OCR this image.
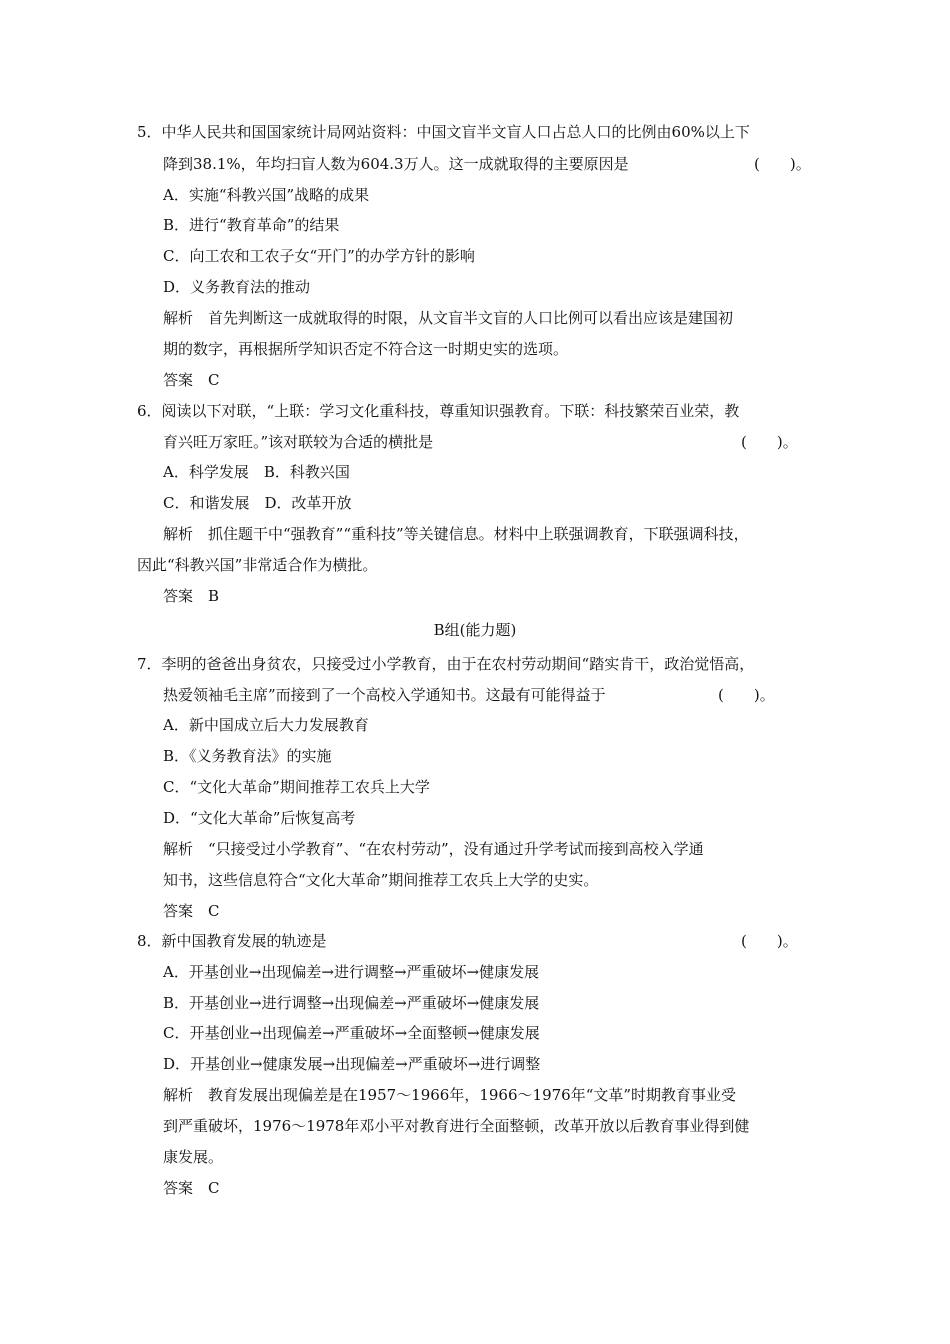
5．中华人民共和国国家统计局网站资料：中国文盲半文盲人口占总人口的比例由60%以上下
降到38.1%，年均扫盲人数为604.3万人。这一成就取得的主要原因是	(　　)。
A．实施“科教兴国”战略的成果
B．进行“教育革命”的结果
C．向工农和工农子女“开门”的办学方针的影响
D．义务教育法的推动
解析　首先判断这一成就取得的时限，从文盲半文盲的人口比例可以看出应该是建国初
期的数字，再根据所学知识否定不符合这一时期史实的选项。
答案　C
6．阅读以下对联，“上联：学习文化重科技，尊重知识强教育。下联：科技繁荣百业荣，教
育兴旺万家旺。”该对联较为合适的横批是	(　　)。
A．科学发展　B．科教兴国
C．和谐发展　D．改革开放
解析　抓住题干中“强教育”“重科技”等关键信息。材料中上联强调教育，下联强调科技，
因此“科教兴国”非常适合作为横批。
答案　B
B组(能力题)
7．李明的爸爸出身贫农，只接受过小学教育，由于在农村劳动期间“踏实肯干，政治觉悟高，
热爱领袖毛主席”而接到了一个高校入学通知书。这最有可能得益于	(　　)。
A．新中国成立后大力发展教育
B．《义务教育法》的实施
C．“文化大革命”期间推荐工农兵上大学
D．“文化大革命”后恢复高考
解析　“只接受过小学教育”、“在农村劳动”，没有通过升学考试而接到高校入学通
知书，这些信息符合“文化大革命”期间推荐工农兵上大学的史实。
答案　C
8．新中国教育发展的轨迹是	(　　)。
A．开基创业→出现偏差→进行调整→严重破坏→健康发展
B．开基创业→进行调整→出现偏差→严重破坏→健康发展
C．开基创业→出现偏差→严重破坏→全面整顿→健康发展
D．开基创业→健康发展→出现偏差→严重破坏→进行调整
解析　教育发展出现偏差是在1957～1966年，1966～1976年“文革”时期教育事业受
到严重破坏，1976～1978年邓小平对教育进行全面整顿，改革开放以后教育事业得到健
康发展。
答案　C
